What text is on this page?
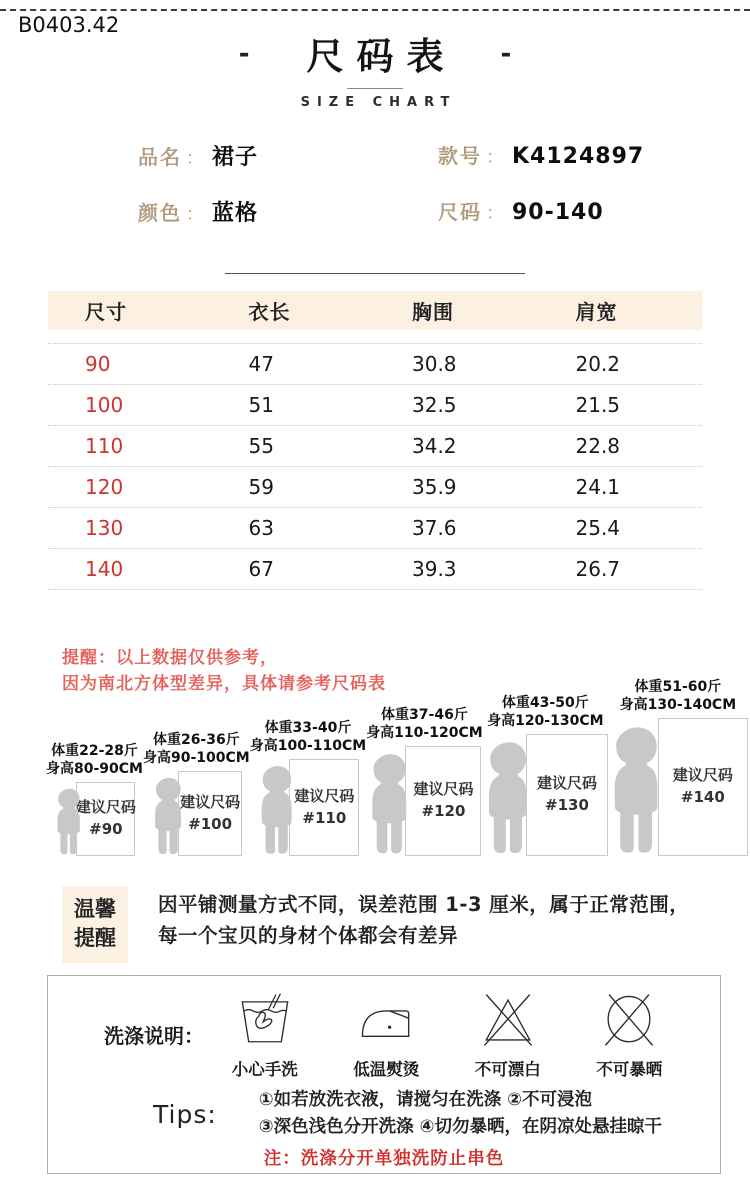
B0403.42
-	尺码表 -
SIZE CHART
品名 ： 裙子	款号 ： K4124897
颜色 ： 蓝格	尺码 ： 90-140
尺寸	衣长	胸围	肩宽
90	47	30.8	20.2
100	51	32.5	21.5
110	55	34.2	22.8
120	59	35.9	24.1
130	63	37.6	25.4
140	67	39.3	26.7
提醒：以上数据仅供参考，
因为南北方体型差异，具体请参考尺码表
体重22-28斤
身高80-90CM
建议尺码
#90
体重26-36斤
身高90-100CM
建议尺码
#100
体重33-40斤
身高100-110CM
建议尺码
#110
体重37-46斤
身高110-120CM
建议尺码
#120
体重43-50斤
身高120-130CM
建议尺码
#130
体重51-60斤
身高130-140CM
建议尺码
#140
温馨
提醒
因平铺测量方式不同，误差范围 1-3 厘米，属于正常范围，
每一个宝贝的身材个体都会有差异
洗涤说明：
小心手洗	低温熨烫	不可漂白	不可暴晒
Tips: ①如若放洗衣液，请搅匀在洗涤 ②不可浸泡
③深色浅色分开洗涤 ④切勿暴晒，在阴凉处悬挂晾干
注：洗涤分开单独洗防止串色
